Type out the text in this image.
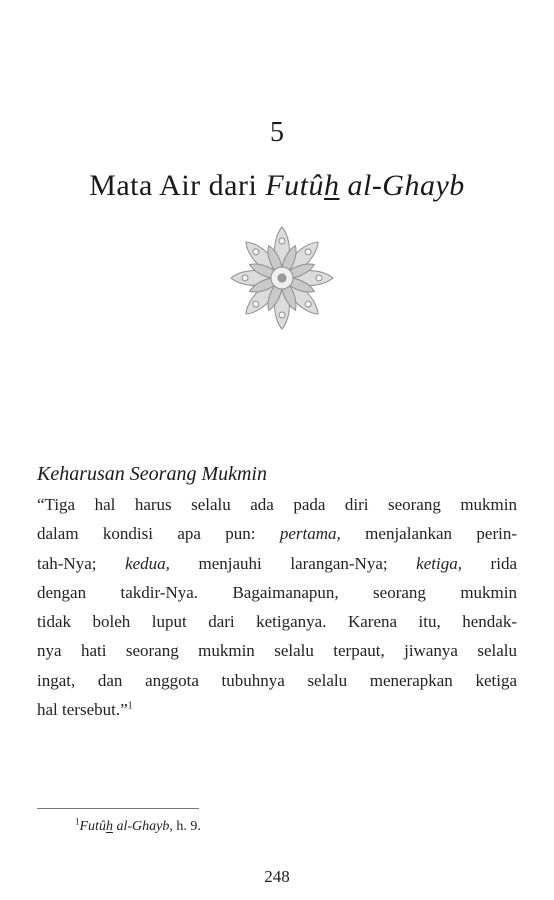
5
Mata Air dari Futûh al-Ghayb
Keharusan Seorang Mukmin
“Tiga hal harus selalu ada pada diri seorang mukmin
dalam kondisi apa pun: pertama, menjalankan perin-
tah-Nya; kedua, menjauhi larangan-Nya; ketiga, rida
dengan takdir-Nya. Bagaimanapun, seorang mukmin
tidak boleh luput dari ketiganya. Karena itu, hendak-
nya hati seorang mukmin selalu terpaut, jiwanya selalu
ingat, dan anggota tubuhnya selalu menerapkan ketiga
hal tersebut.”$^1$
$^1$Futûh al-Ghayb, h. 9.
248
